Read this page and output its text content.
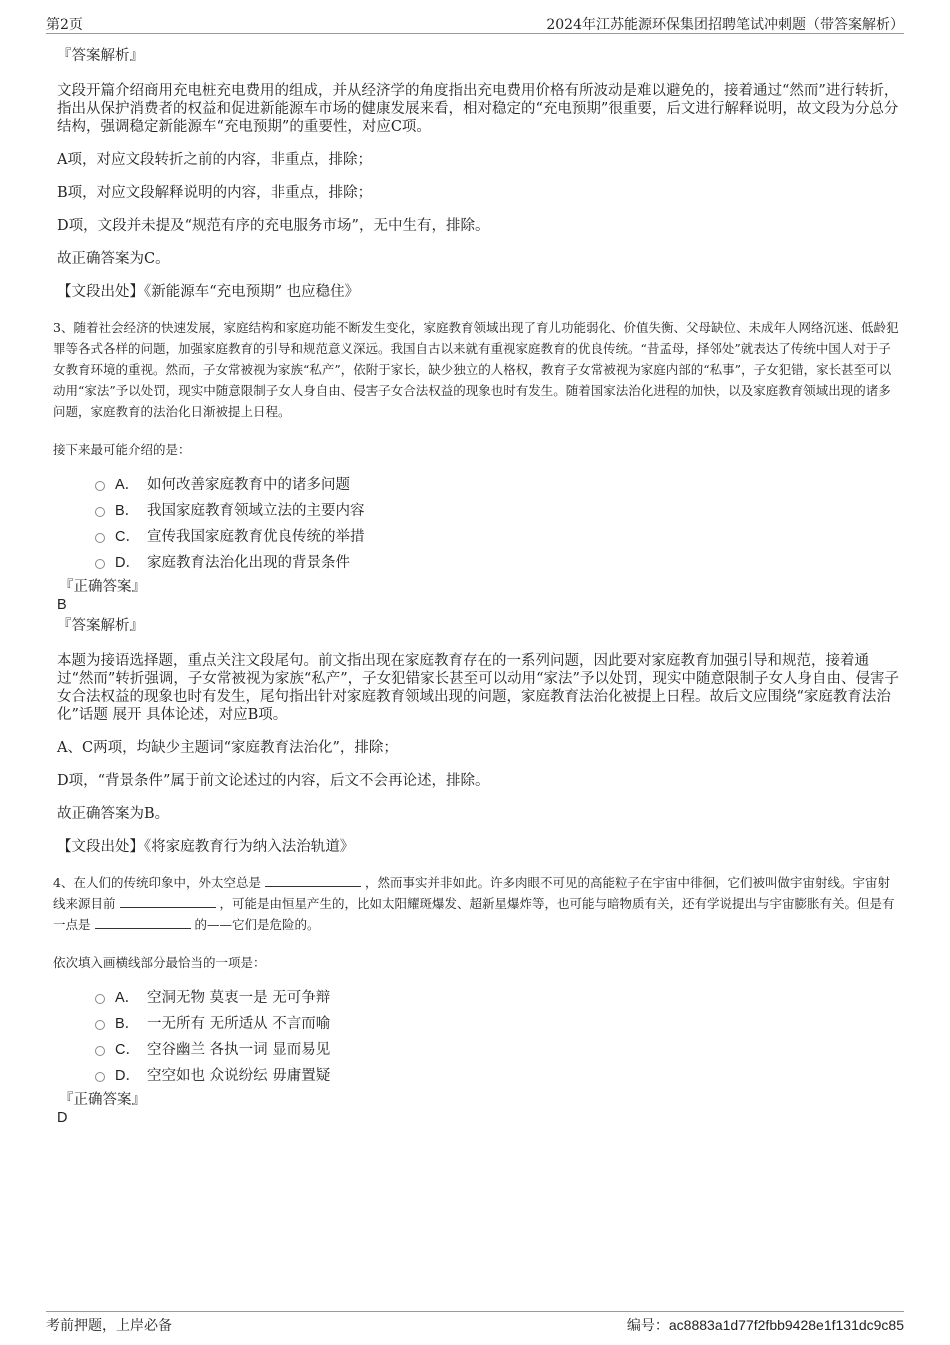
第2页	2024年江苏能源环保集团招聘笔试冲刺题（带答案解析）
『答案解析』
文段开篇介绍商用充电桩充电费用的组成，并从经济学的角度指出充电费用价格有所波动是难以避免的，接着通过“然而”进行转折，指出从保护消费者的权益和促进新能源车市场的健康发展来看，相对稳定的“充电预期”很重要，后文进行解释说明，故文段为分总分结构，强调稳定新能源车“充电预期”的重要性，对应C项。
A项，对应文段转折之前的内容，非重点，排除；
B项，对应文段解释说明的内容，非重点，排除；
D项，文段并未提及“规范有序的充电服务市场”，无中生有，排除。
故正确答案为C。
【文段出处】《新能源车“充电预期” 也应稳住》
3、随着社会经济的快速发展，家庭结构和家庭功能不断发生变化，家庭教育领域出现了育儿功能弱化、价值失衡、父母缺位、未成年人网络沉迷、低龄犯罪等各式各样的问题，加强家庭教育的引导和规范意义深远。我国自古以来就有重视家庭教育的优良传统。“昔孟母，择邻处”就表达了传统中国人对于子女教育环境的重视。然而，子女常被视为家族“私产”，依附于家长，缺少独立的人格权，教育子女常被视为家庭内部的“私事”，子女犯错，家长甚至可以动用“家法”予以处罚，现实中随意限制子女人身自由、侵害子女合法权益的现象也时有发生。随着国家法治化进程的加快，以及家庭教育领域出现的诸多问题，家庭教育的法治化日渐被提上日程。
接下来最可能介绍的是：
A． 如何改善家庭教育中的诸多问题
B． 我国家庭教育领域立法的主要内容
C． 宣传我国家庭教育优良传统的举措
D． 家庭教育法治化出现的背景条件
『正确答案』
B
『答案解析』
本题为接语选择题，重点关注文段尾句。前文指出现在家庭教育存在的一系列问题，因此要对家庭教育加强引导和规范，接着通过“然而”转折强调，子女常被视为家族“私产”，子女犯错家长甚至可以动用“家法”予以处罚，现实中随意限制子女人身自由、侵害子女合法权益的现象也时有发生，尾句指出针对家庭教育领域出现的问题，家庭教育法治化被提上日程。故后文应围绕“家庭教育法治化”话题 展开 具体论述，对应B项。
A、C两项，均缺少主题词“家庭教育法治化”，排除；
D项，“背景条件”属于前文论述过的内容，后文不会再论述，排除。
故正确答案为B。
【文段出处】《将家庭教育行为纳入法治轨道》
4、在人们的传统印象中，外太空总是	，然而事实并非如此。许多肉眼不可见的高能粒子在宇宙中徘徊，它们被叫做宇宙射线。宇宙射线来源目前	，可能是由恒星产生的，比如太阳耀斑爆发、超新星爆炸等，也可能与暗物质有关，还有学说提出与宇宙膨胀有关。但是有一点是	的——它们是危险的。
依次填入画横线部分最恰当的一项是：
A． 空洞无物 莫衷一是 无可争辩
B． 一无所有 无所适从 不言而喻
C． 空谷幽兰 各执一词 显而易见
D． 空空如也 众说纷纭 毋庸置疑
『正确答案』
D
考前押题，上岸必备	编号：ac8883a1d77f2fbb9428e1f131dc9c85
